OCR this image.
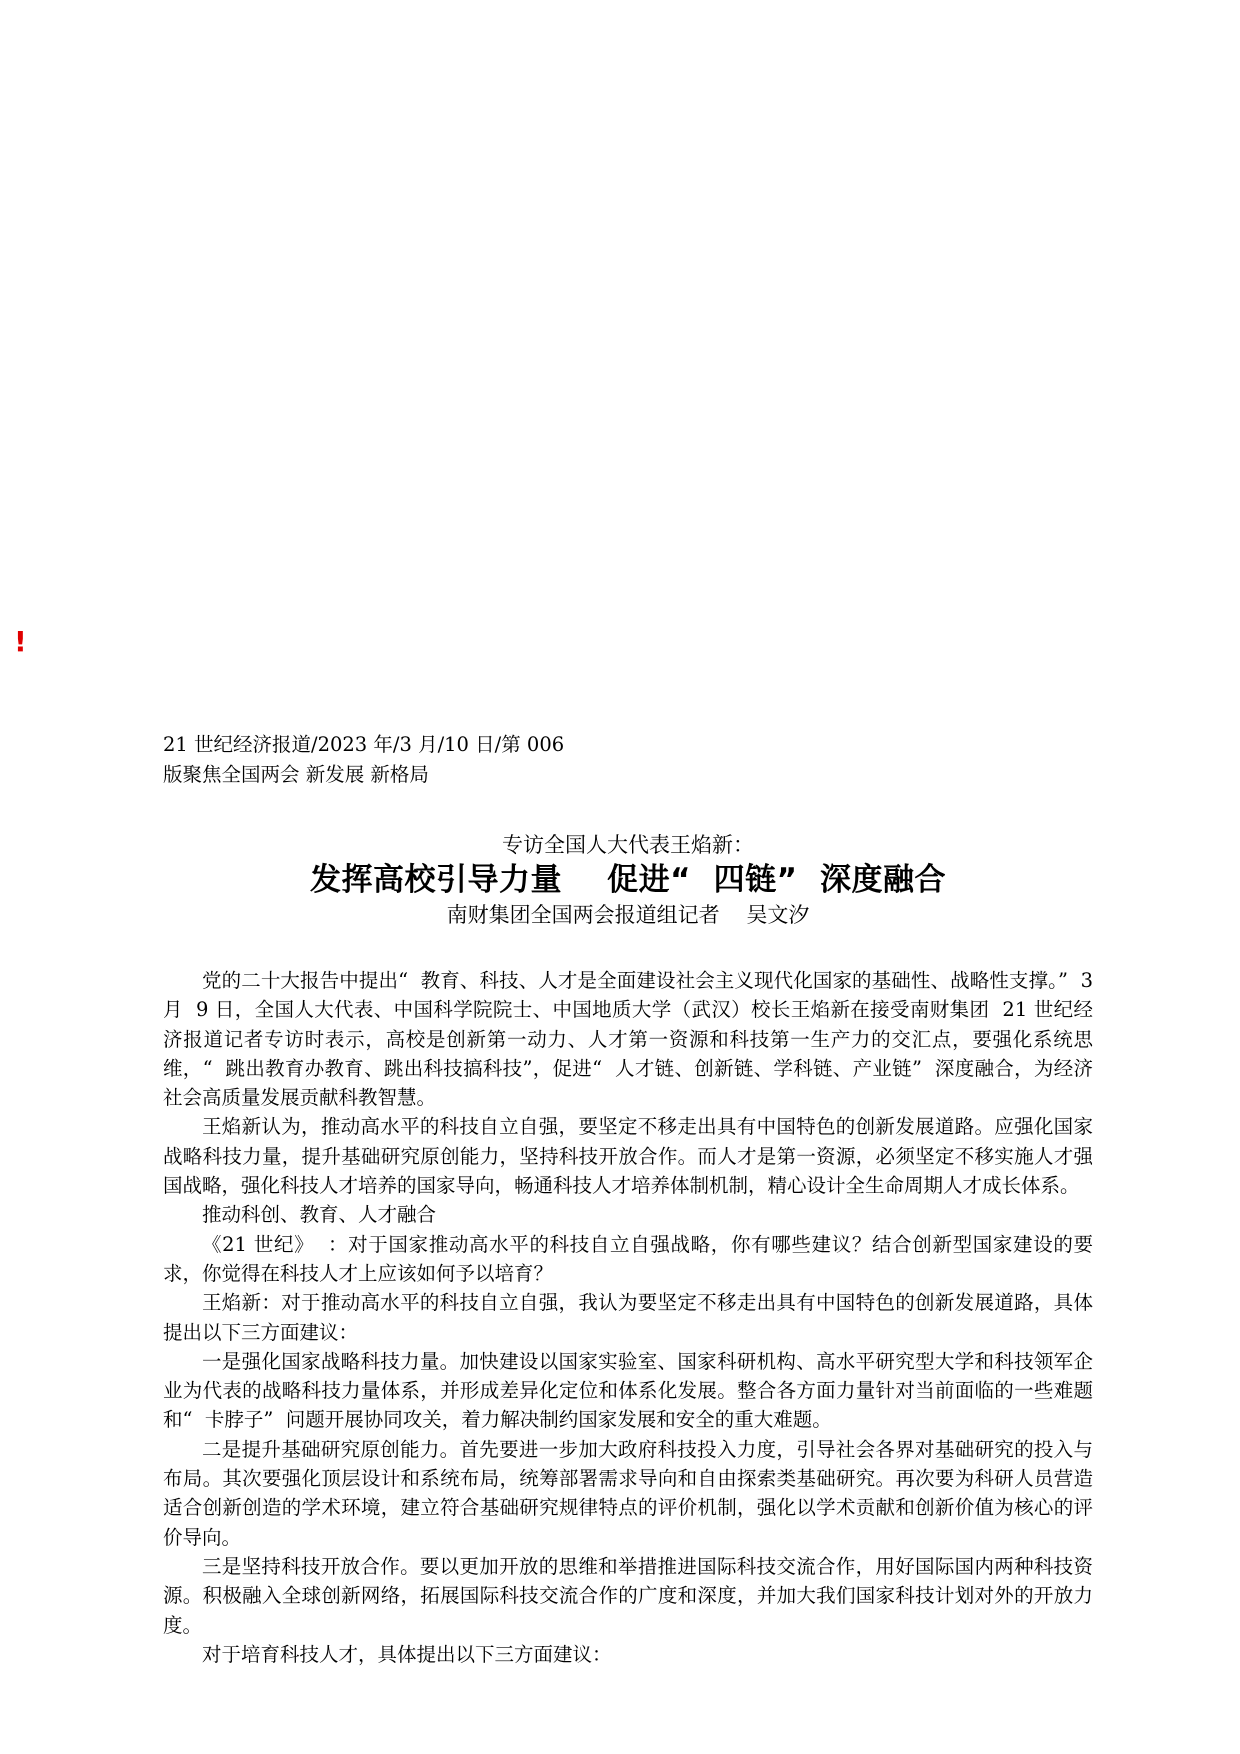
!
21 世纪经济报道/2023 年/3 月/10 日/第 006
版聚焦全国两会 新发展 新格局
专访全国人大代表王焰新：
发挥高校引导力量    促进“  四链”  深度融合
南财集团全国两会报道组记者    吴文汐

党的二十大报告中提出“  教育、科技、人才是全面建设社会主义现代化国家的基础性、战略性支撑。”  3 月  9 日，全国人大代表、中国科学院院士、中国地质大学（武汉）校长王焰新在接受南财集团  21 世纪经济报道记者专访时表示，高校是创新第一动力、人才第一资源和科技第一生产力的交汇点，要强化系统思维，“  跳出教育办教育、跳出科技搞科技”，促进“  人才链、创新链、学科链、产业链”  深度融合，为经济社会高质量发展贡献科教智慧。

王焰新认为，推动高水平的科技自立自强，要坚定不移走出具有中国特色的创新发展道路。应强化国家战略科技力量，提升基础研究原创能力，坚持科技开放合作。而人才是第一资源，必须坚定不移实施人才强国战略，强化科技人才培养的国家导向，畅通科技人才培养体制机制，精心设计全生命周期人才成长体系。

推动科创、教育、人才融合

《21 世纪》  ：对于国家推动高水平的科技自立自强战略，你有哪些建议？结合创新型国家建设的要求，你觉得在科技人才上应该如何予以培育？

王焰新：对于推动高水平的科技自立自强，我认为要坚定不移走出具有中国特色的创新发展道路，具体提出以下三方面建议：

一是强化国家战略科技力量。加快建设以国家实验室、国家科研机构、高水平研究型大学和科技领军企业为代表的战略科技力量体系，并形成差异化定位和体系化发展。整合各方面力量针对当前面临的一些难题和“  卡脖子”  问题开展协同攻关，着力解决制约国家发展和安全的重大难题。

二是提升基础研究原创能力。首先要进一步加大政府科技投入力度，引导社会各界对基础研究的投入与布局。其次要强化顶层设计和系统布局，统筹部署需求导向和自由探索类基础研究。再次要为科研人员营造适合创新创造的学术环境，建立符合基础研究规律特点的评价机制，强化以学术贡献和创新价值为核心的评价导向。

三是坚持科技开放合作。要以更加开放的思维和举措推进国际科技交流合作，用好国际国内两种科技资源。积极融入全球创新网络，拓展国际科技交流合作的广度和深度，并加大我们国家科技计划对外的开放力度。

对于培育科技人才，具体提出以下三方面建议：
